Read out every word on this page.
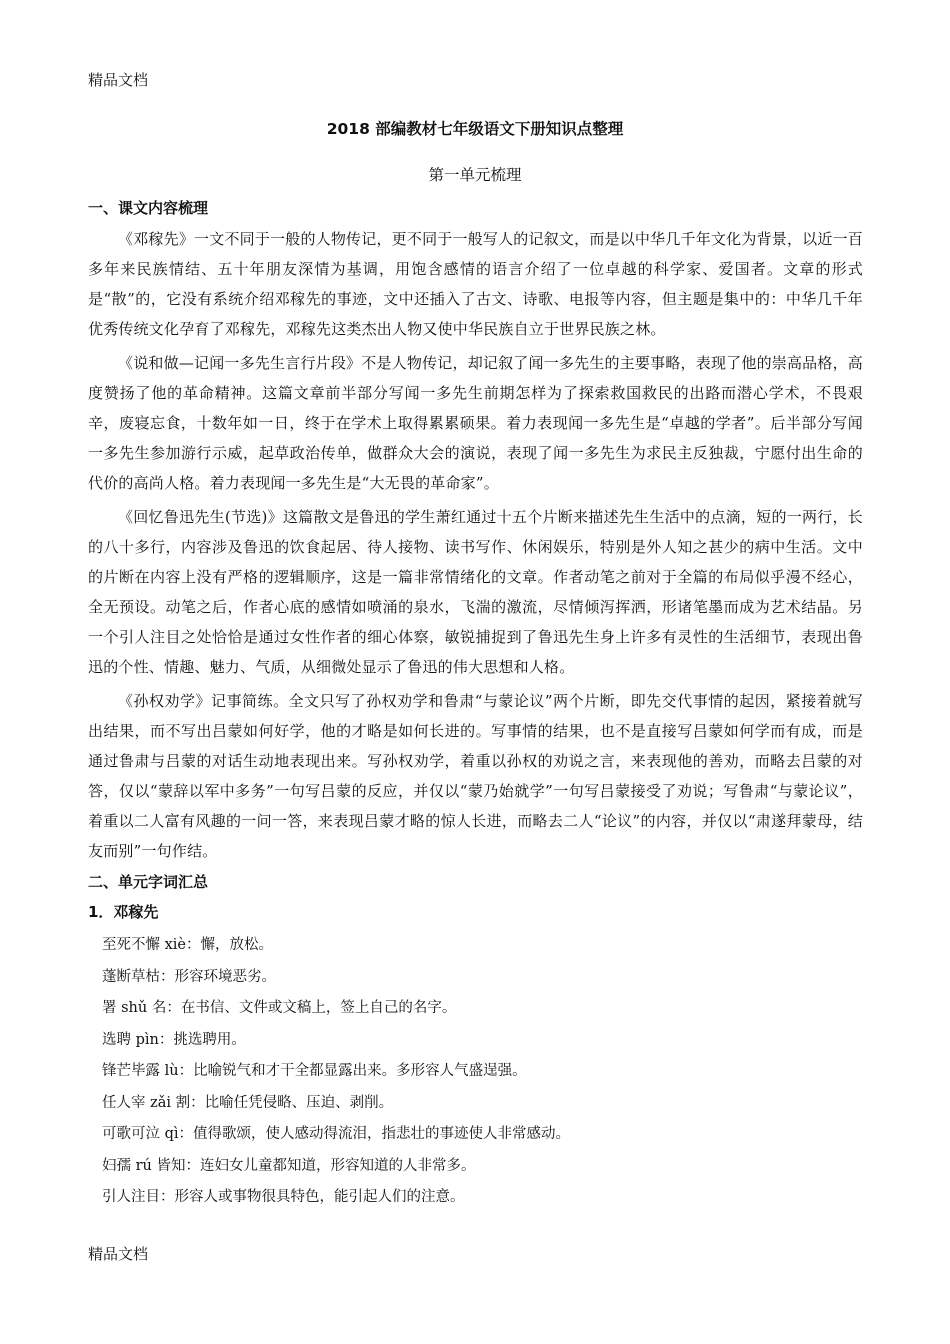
精品文档
2018 部编教材七年级语文下册知识点整理
第一单元梳理
一、课文内容梳理

《邓稼先》一文不同于一般的人物传记，更不同于一般写人的记叙文，而是以中华几千年文化为背景，以近一百多年来民族情结、五十年朋友深情为基调，用饱含感情的语言介绍了一位卓越的科学家、爱国者。文章的形式是“散”的，它没有系统介绍邓稼先的事迹，文中还插入了古文、诗歌、电报等内容，但主题是集中的：中华几千年优秀传统文化孕育了邓稼先，邓稼先这类杰出人物又使中华民族自立于世界民族之林。

《说和做—记闻一多先生言行片段》不是人物传记，却记叙了闻一多先生的主要事略，表现了他的崇高品格，高度赞扬了他的革命精神。这篇文章前半部分写闻一多先生前期怎样为了探索救国救民的出路而潜心学术，不畏艰辛，废寝忘食，十数年如一日，终于在学术上取得累累硕果。着力表现闻一多先生是“卓越的学者”。后半部分写闻一多先生参加游行示威，起草政治传单，做群众大会的演说，表现了闻一多先生为求民主反独裁，宁愿付出生命的代价的高尚人格。着力表现闻一多先生是“大无畏的革命家”。

《回忆鲁迅先生(节选)》这篇散文是鲁迅的学生萧红通过十五个片断来描述先生生活中的点滴，短的一两行，长的八十多行，内容涉及鲁迅的饮食起居、待人接物、读书写作、休闲娱乐，特别是外人知之甚少的病中生活。文中的片断在内容上没有严格的逻辑顺序，这是一篇非常情绪化的文章。作者动笔之前对于全篇的布局似乎漫不经心，全无预设。动笔之后，作者心底的感情如喷涌的泉水，飞湍的激流，尽情倾泻挥洒，形诸笔墨而成为艺术结晶。另一个引人注目之处恰恰是通过女性作者的细心体察，敏锐捕捉到了鲁迅先生身上许多有灵性的生活细节，表现出鲁迅的个性、情趣、魅力、气质，从细微处显示了鲁迅的伟大思想和人格。

《孙权劝学》记事简练。全文只写了孙权劝学和鲁肃“与蒙论议”两个片断，即先交代事情的起因，紧接着就写出结果，而不写出吕蒙如何好学，他的才略是如何长进的。写事情的结果，也不是直接写吕蒙如何学而有成，而是通过鲁肃与吕蒙的对话生动地表现出来。写孙权劝学，着重以孙权的劝说之言，来表现他的善劝，而略去吕蒙的对答，仅以“蒙辞以军中多务”一句写吕蒙的反应，并仅以“蒙乃始就学”一句写吕蒙接受了劝说；写鲁肃“与蒙论议”，着重以二人富有风趣的一问一答，来表现吕蒙才略的惊人长进，而略去二人“论议”的内容，并仅以“肃遂拜蒙母，结友而别”一句作结。

二、单元字词汇总
1．邓稼先
至死不懈 xiè：懈，放松。
蓬断草枯：形容环境恶劣。
署 shǔ 名：在书信、文件或文稿上，签上自己的名字。
选聘 pìn：挑选聘用。
锋芒毕露 lù：比喻锐气和才干全都显露出来。多形容人气盛逞强。
任人宰 zǎi 割：比喻任凭侵略、压迫、剥削。
可歌可泣 qì：值得歌颂，使人感动得流泪，指悲壮的事迹使人非常感动。
妇孺 rú 皆知：连妇女儿童都知道，形容知道的人非常多。
引人注目：形容人或事物很具特色，能引起人们的注意。
精品文档
